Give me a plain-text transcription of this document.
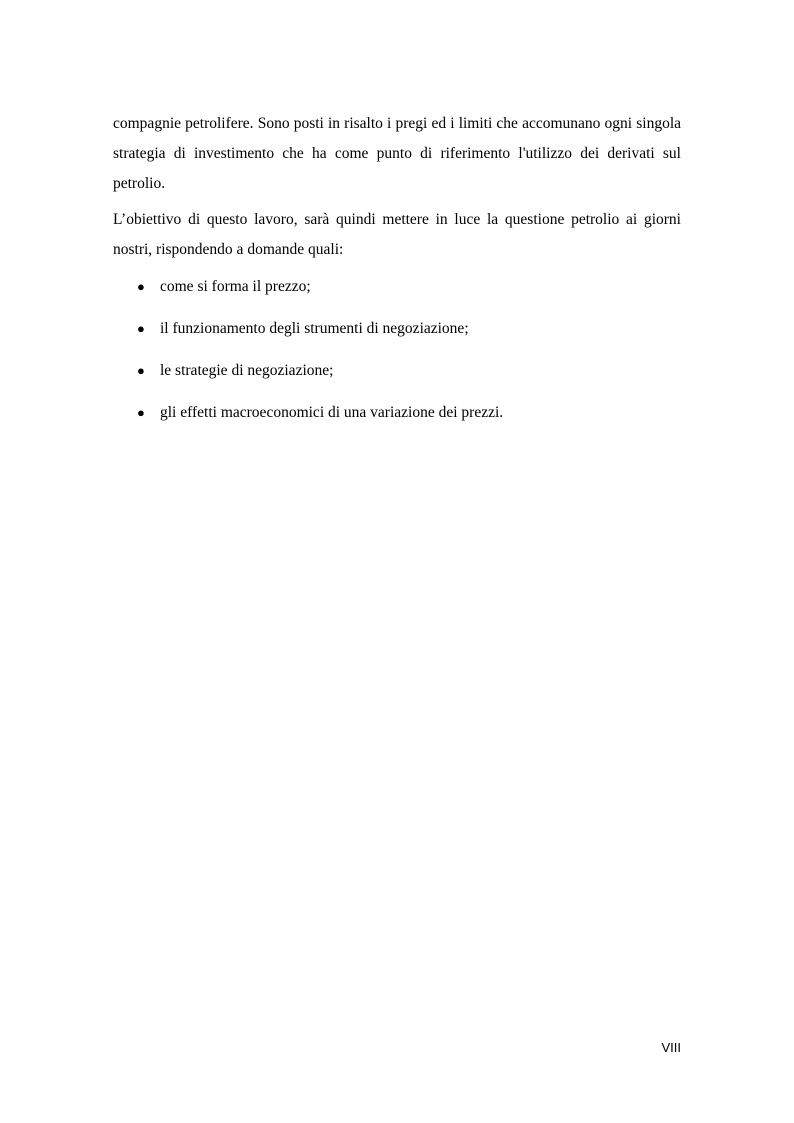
compagnie petrolifere. Sono posti in risalto i pregi ed i limiti che accomunano ogni singola strategia di investimento che ha come punto di riferimento l'utilizzo dei derivati sul petrolio.

L’obiettivo di questo lavoro, sarà quindi mettere in luce la questione petrolio ai giorni nostri, rispondendo a domande quali:

● come si forma il prezzo;
● il funzionamento degli strumenti di negoziazione;
● le strategie di negoziazione;
● gli effetti macroeconomici di una variazione dei prezzi.
VIII
